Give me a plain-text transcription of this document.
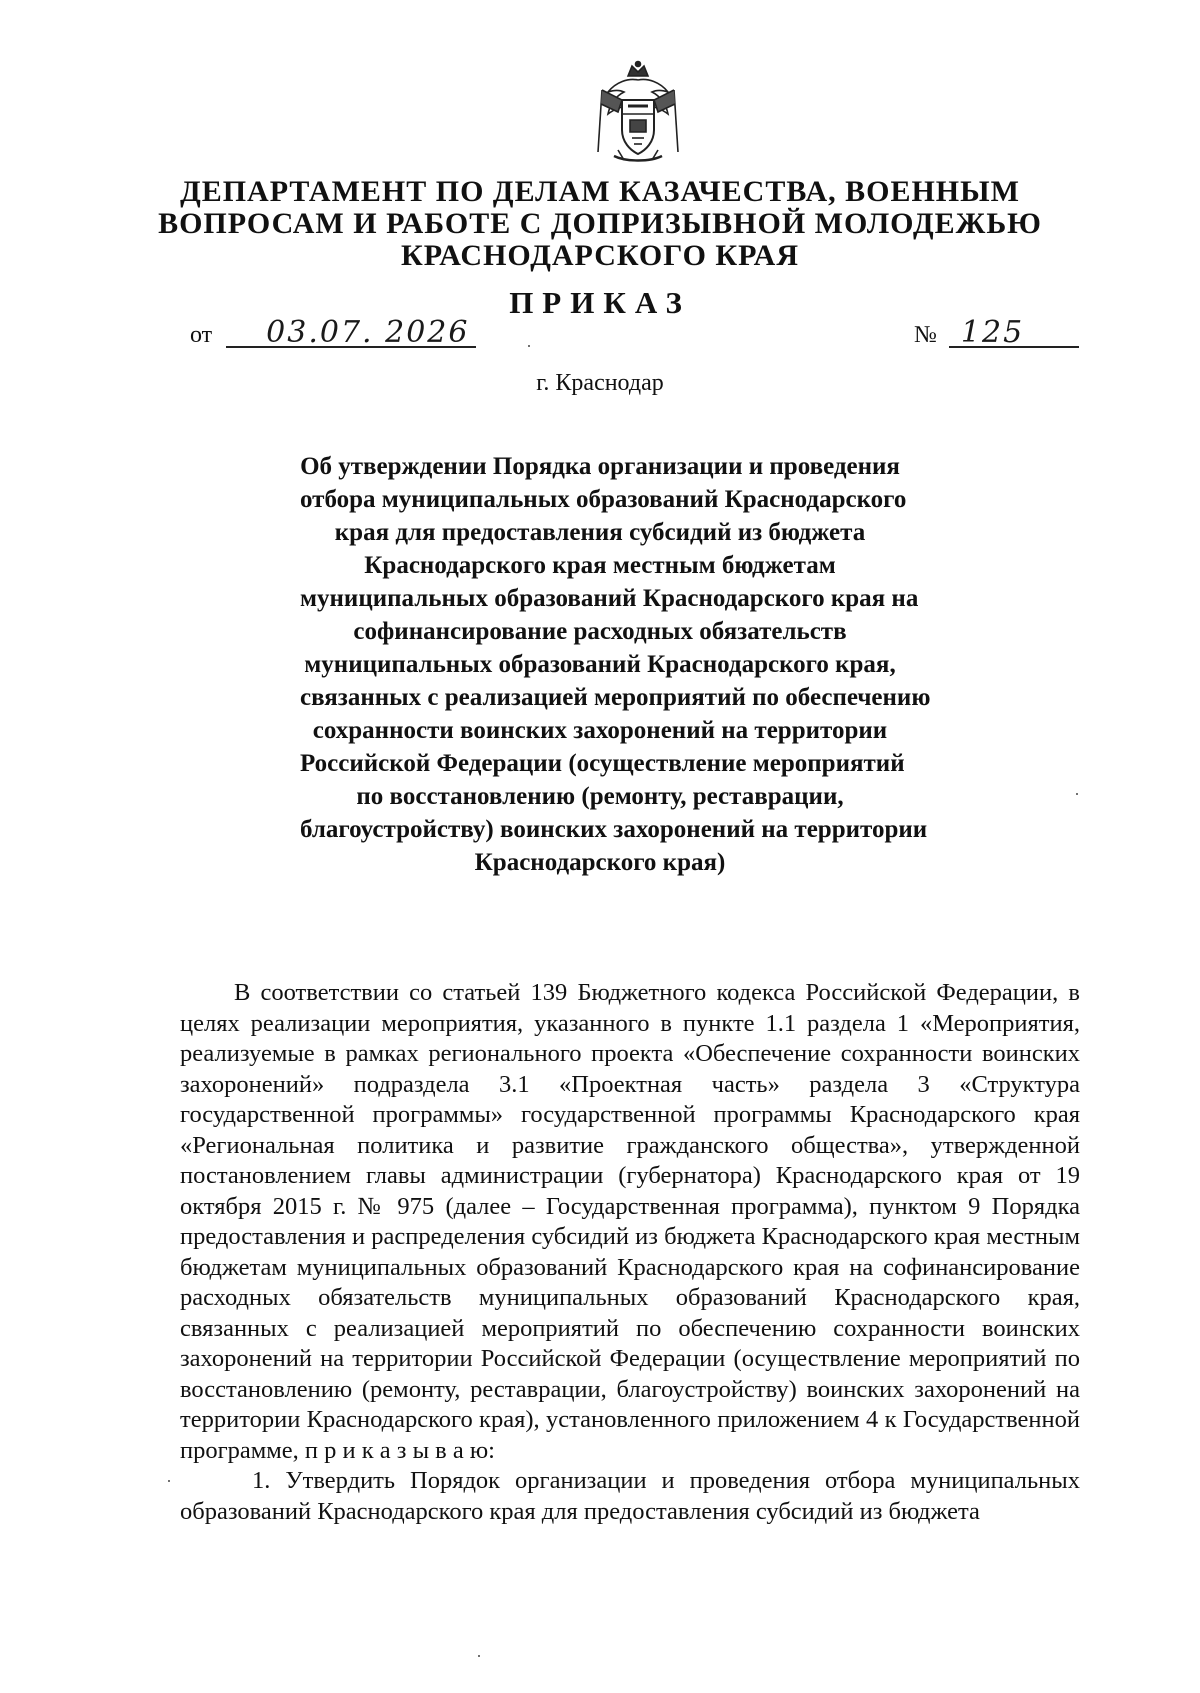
ДЕПАРТАМЕНТ ПО ДЕЛАМ КАЗАЧЕСТВА, ВОЕННЫМ
ВОПРОСАМ И РАБОТЕ С ДОПРИЗЫВНОЙ МОЛОДЕЖЬЮ
КРАСНОДАРСКОГО КРАЯ
ПРИКАЗ
от 03.07. 2026	№ 125
г. Краснодар
Об утверждении Порядка организации и проведения
отбора муниципальных образований Краснодарского
края для предоставления субсидий из бюджета
Краснодарского края местным бюджетам
муниципальных образований Краснодарского края на
софинансирование расходных обязательств
муниципальных образований Краснодарского края,
связанных с реализацией мероприятий по обеспечению
сохранности воинских захоронений на территории
Российской Федерации (осуществление мероприятий
по восстановлению (ремонту, реставрации,
благоустройству) воинских захоронений на территории
Краснодарского края)

В соответствии со статьей 139 Бюджетного кодекса Российской Федерации, в целях реализации мероприятия, указанного в пункте 1.1 раздела 1 «Мероприятия, реализуемые в рамках регионального проекта «Обеспечение сохранности воинских захоронений» подраздела 3.1 «Проектная часть» раздела 3 «Структура государственной программы» государственной программы Краснодарского края «Региональная политика и развитие гражданского общества», утвержденной постановлением главы администрации (губернатора) Краснодарского края от 19 октября 2015 г. № 975 (далее – Государственная программа), пунктом 9 Порядка предоставления и распределения субсидий из бюджета Краснодарского края местным бюджетам муниципальных образований Краснодарского края на софинансирование расходных обязательств муниципальных образований Краснодарского края, связанных с реализацией мероприятий по обеспечению сохранности воинских захоронений на территории Российской Федерации (осуществление мероприятий по восстановлению (ремонту, реставрации, благоустройству) воинских захоронений на территории Краснодарского края), установленного приложением 4 к Государственной программе, п р и к а з ы в а ю:

1. Утвердить Порядок организации и проведения отбора муниципальных образований Краснодарского края для предоставления субсидий из бюджета
